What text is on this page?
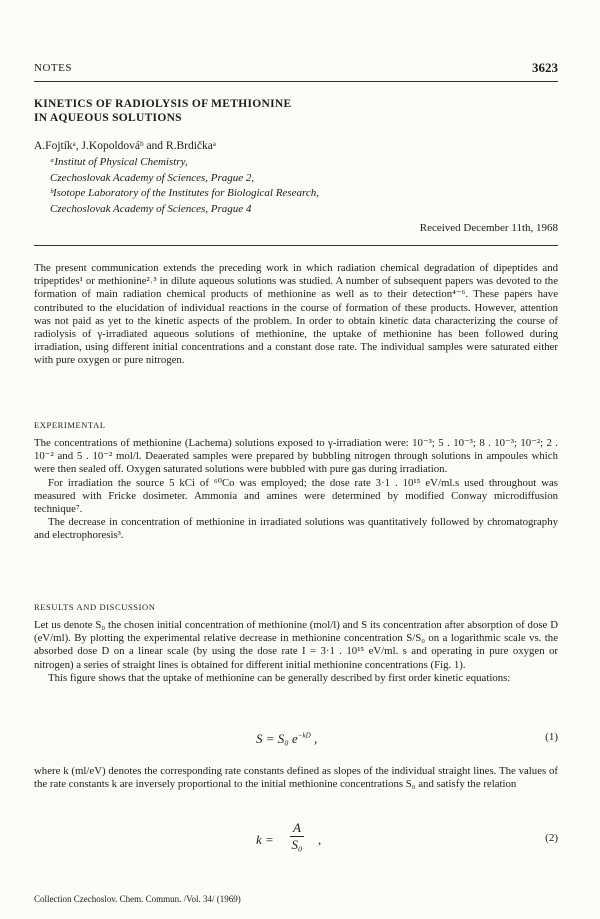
NOTES	3623
KINETICS OF RADIOLYSIS OF METHIONINE
IN AQUEOUS SOLUTIONS
A.Fojtíkᵃ, J.Kopoldováᵇ and R.Brdičkaᵃ
ᵃInstitut of Physical Chemistry,
Czechoslovak Academy of Sciences, Prague 2,
ᵇIsotope Laboratory of the Institutes for Biological Research,
Czechoslovak Academy of Sciences, Prague 4
Received December 11th, 1968

The present communication extends the preceding work in which radiation chemical degradation of dipeptides and tripeptides¹ or methionine²˒³ in dilute aqueous solutions was studied. A number of subsequent papers was devoted to the formation of main radiation chemical products of methionine as well as to their detection⁴⁻⁶. These papers have contributed to the elucidation of individual reactions in the course of formation of these products. However, attention was not paid as yet to the kinetic aspects of the problem. In order to obtain kinetic data characterizing the course of radiolysis of γ-irradiated aqueous solutions of methionine, the uptake of methionine has been followed during irradiation, using different initial concentrations and a constant dose rate. The individual samples were saturated either with pure oxygen or pure nitrogen.

EXPERIMENTAL

The concentrations of methionine (Lachema) solutions exposed to γ-irradiation were: 10⁻³; 5 . 10⁻³; 8 . 10⁻³; 10⁻²; 2 . 10⁻² and 5 . 10⁻² mol/l. Deaerated samples were prepared by bubbling nitrogen through solutions in ampoules which were then sealed off. Oxygen saturated solutions were bubbled with pure gas during irradiation.

For irradiation the source 5 kCi of ⁶⁰Co was employed; the dose rate 3·1 . 10¹⁵ eV/ml.s used throughout was measured with Fricke dosimeter. Ammonia and amines were determined by modified Conway microdiffusion technique⁷.

The decrease in concentration of methionine in irradiated solutions was quantitatively followed by chromatography and electrophoresis³.

RESULTS AND DISCUSSION

Let us denote S₀ the chosen initial concentration of methionine (mol/l) and S its concentration after absorption of dose D (eV/ml). By plotting the experimental relative decrease in methionine concentration S/S₀ on a logarithmic scale vs. the absorbed dose D on a linear scale (by using the dose rate I = 3·1 . 10¹⁵ eV/ml. s and operating in pure oxygen or nitrogen) a series of straight lines is obtained for different initial methionine concentrations (Fig. 1).

This figure shows that the uptake of methionine can be generally described by first order kinetic equations:

S = S₀ $e^{-kD}$ ,	(1)

where k (ml/eV) denotes the corresponding rate constants defined as slopes of the individual straight lines. The values of the rate constants k are inversely proportional to the initial methionine concentrations S₀ and satisfy the relation

$k = \frac{A}{\text{S₀}}$ ,	(2)
Collection Czechoslov. Chem. Commun. /Vol. 34/ (1969)
